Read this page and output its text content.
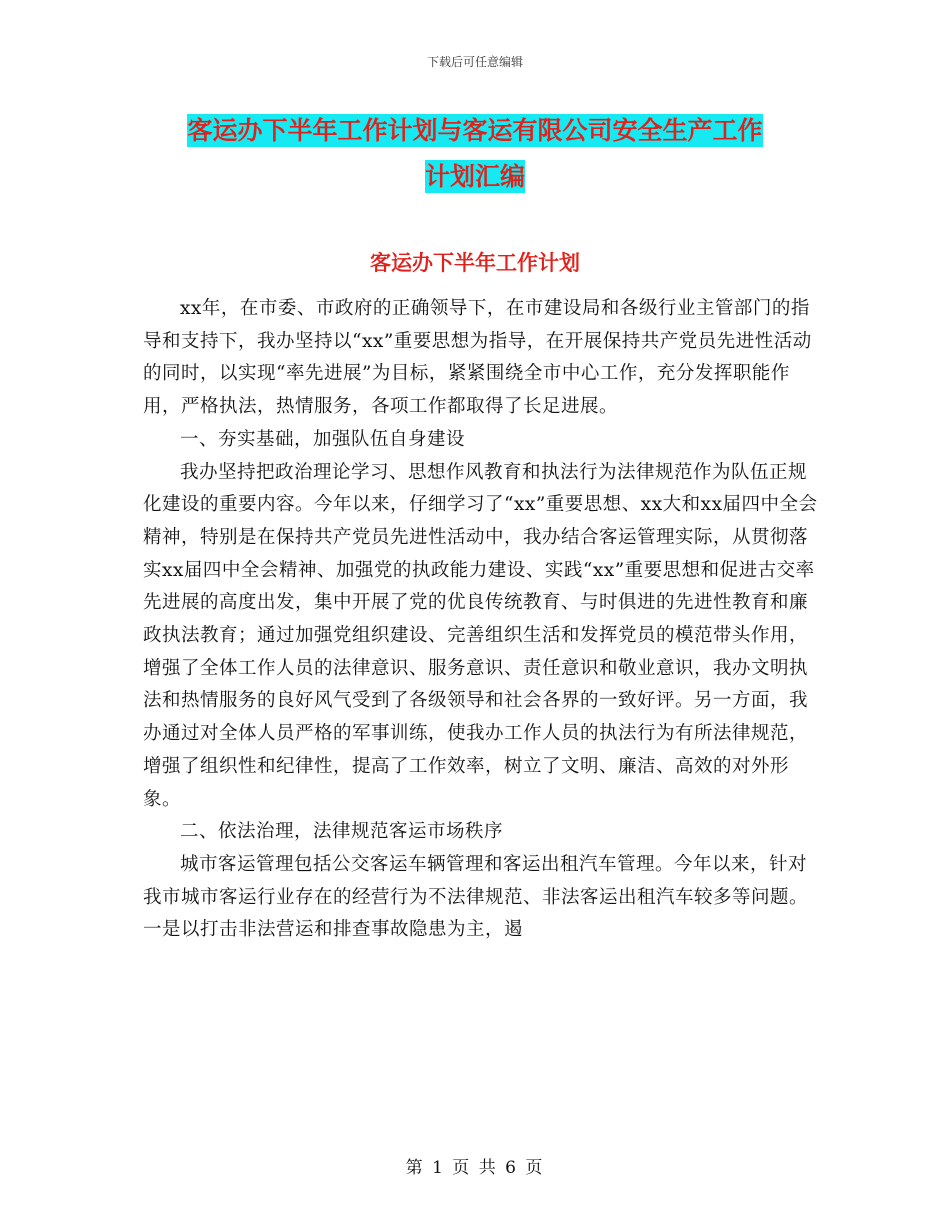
下载后可任意编辑
客运办下半年工作计划与客运有限公司安全生产工作
计划汇编
客运办下半年工作计划

xx年，在市委、市政府的正确领导下，在市建设局和各级行业主管部门的指导和支持下，我办坚持以“xx”重要思想为指导，在开展保持共产党员先进性活动的同时，以实现“率先进展”为目标，紧紧围绕全市中心工作，充分发挥职能作用，严格执法，热情服务，各项工作都取得了长足进展。

一、夯实基础，加强队伍自身建设

我办坚持把政治理论学习、思想作风教育和执法行为法律规范作为队伍正规化建设的重要内容。今年以来，仔细学习了“xx”重要思想、xx大和xx届四中全会精神，特别是在保持共产党员先进性活动中，我办结合客运管理实际，从贯彻落实xx届四中全会精神、加强党的执政能力建设、实践“xx”重要思想和促进古交率先进展的高度出发，集中开展了党的优良传统教育、与时俱进的先进性教育和廉政执法教育；通过加强党组织建设、完善组织生活和发挥党员的模范带头作用，增强了全体工作人员的法律意识、服务意识、责任意识和敬业意识，我办文明执法和热情服务的良好风气受到了各级领导和社会各界的一致好评。另一方面，我办通过对全体人员严格的军事训练，使我办工作人员的执法行为有所法律规范，增强了组织性和纪律性，提高了工作效率，树立了文明、廉洁、高效的对外形象。

二、依法治理，法律规范客运市场秩序

城市客运管理包括公交客运车辆管理和客运出租汽车管理。今年以来，针对我市城市客运行业存在的经营行为不法律规范、非法客运出租汽车较多等问题。一是以打击非法营运和排查事故隐患为主，遏

第 1 页 共 6 页
